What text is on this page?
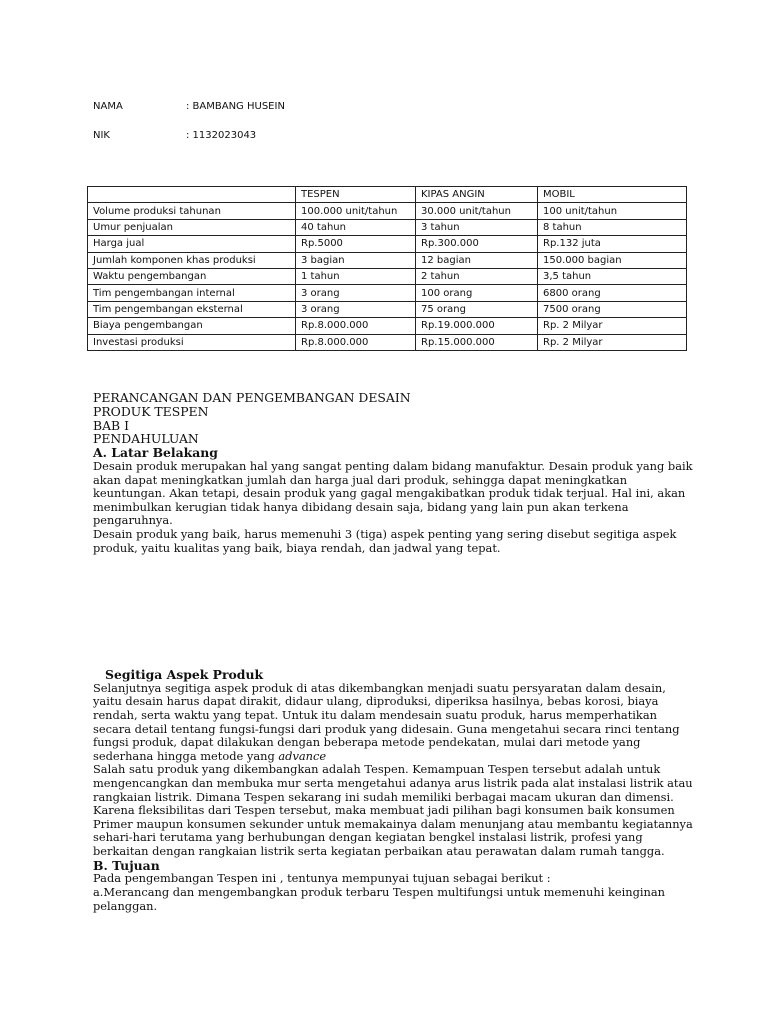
NAMA	: BAMBANG HUSEIN
NIK	: 1132023043
	TESPEN	KIPAS ANGIN	MOBIL
Volume produksi tahunan	100.000 unit/tahun	30.000 unit/tahun	100 unit/tahun
Umur penjualan	40 tahun	3 tahun	8 tahun
Harga jual	Rp.5000	Rp.300.000	Rp.132 juta
Jumlah komponen khas produksi	3 bagian	12 bagian	150.000 bagian
Waktu pengembangan	1 tahun	2 tahun	3,5 tahun
Tim pengembangan internal	3 orang	100 orang	6800 orang
Tim pengembangan eksternal	3 orang	75 orang	7500 orang
Biaya pengembangan	Rp.8.000.000	Rp.19.000.000	Rp. 2 Milyar
Investasi produksi	Rp.8.000.000	Rp.15.000.000	Rp. 2 Milyar

PERANCANGAN DAN PENGEMBANGAN DESAIN

PRODUK TESPEN

BAB I

PENDAHULUAN

A. Latar Belakang

Desain produk merupakan hal yang sangat penting dalam bidang manufaktur. Desain produk yang baik akan dapat meningkatkan jumlah dan harga jual dari produk, sehingga dapat meningkatkan keuntungan. Akan tetapi, desain produk yang gagal mengakibatkan produk tidak terjual. Hal ini, akan menimbulkan kerugian tidak hanya dibidang desain saja, bidang yang lain pun akan terkena pengaruhnya.

Desain produk yang baik, harus memenuhi 3 (tiga) aspek penting yang sering disebut segitiga aspek produk, yaitu kualitas yang baik, biaya rendah, dan jadwal yang tepat.

Segitiga Aspek Produk

Selanjutnya segitiga aspek produk di atas dikembangkan menjadi suatu persyaratan dalam desain, yaitu desain harus dapat dirakit, didaur ulang, diproduksi, diperiksa hasilnya, bebas korosi, biaya rendah, serta waktu yang tepat. Untuk itu dalam mendesain suatu produk, harus memperhatikan secara detail tentang fungsi-fungsi dari produk yang didesain. Guna mengetahui secara rinci tentang fungsi produk, dapat dilakukan dengan beberapa metode pendekatan, mulai dari metode yang sederhana hingga metode yang advance

Salah satu produk yang dikembangkan adalah Tespen. Kemampuan Tespen tersebut adalah untuk mengencangkan dan membuka mur serta mengetahui adanya arus listrik pada alat instalasi listrik atau rangkaian listrik. Dimana Tespen sekarang ini sudah memiliki berbagai macam ukuran dan dimensi. Karena fleksibilitas dari Tespen tersebut, maka membuat jadi pilihan bagi konsumen baik konsumen Primer maupun konsumen sekunder untuk memakainya dalam menunjang atau membantu kegiatannya sehari-hari terutama yang berhubungan dengan kegiatan bengkel instalasi listrik, profesi yang berkaitan dengan rangkaian listrik serta kegiatan perbaikan atau perawatan dalam rumah tangga.

B. Tujuan

Pada pengembangan Tespen ini , tentunya mempunyai tujuan sebagai berikut :

a.Merancang dan mengembangkan produk terbaru Tespen multifungsi untuk memenuhi keinginan pelanggan.
